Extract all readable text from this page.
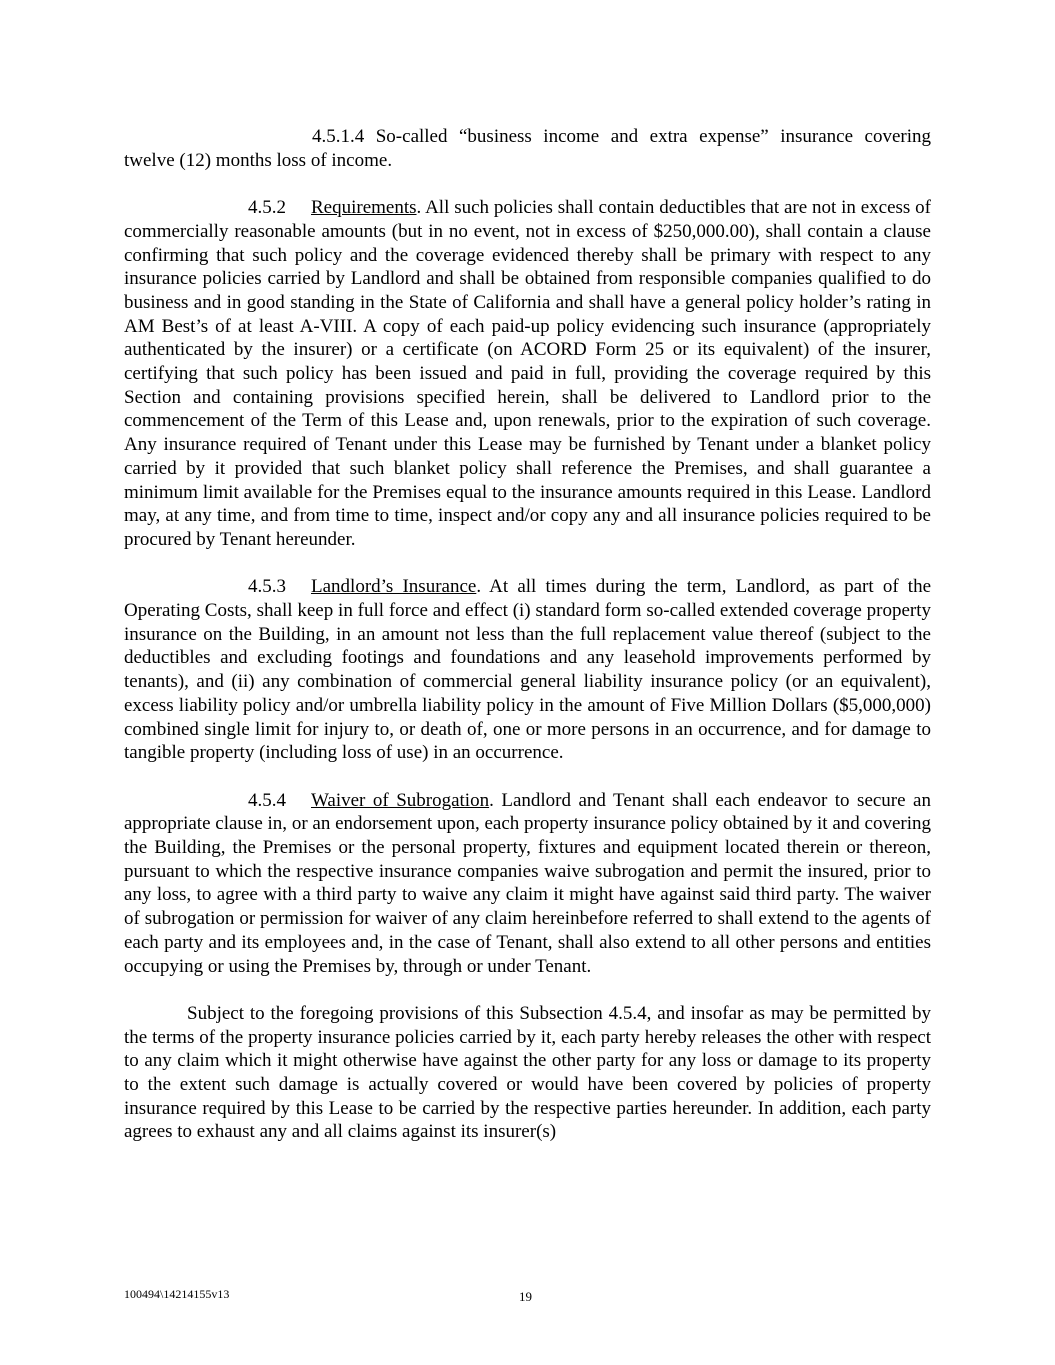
4.5.1.4 So-called “business income and extra expense” insurance covering twelve (12) months loss of income.

4.5.2 Requirements. All such policies shall contain deductibles that are not in excess of commercially reasonable amounts (but in no event, not in excess of $250,000.00), shall contain a clause confirming that such policy and the coverage evidenced thereby shall be primary with respect to any insurance policies carried by Landlord and shall be obtained from responsible companies qualified to do business and in good standing in the State of California and shall have a general policy holder’s rating in AM Best’s of at least A-VIII. A copy of each paid-up policy evidencing such insurance (appropriately authenticated by the insurer) or a certificate (on ACORD Form 25 or its equivalent) of the insurer, certifying that such policy has been issued and paid in full, providing the coverage required by this Section and containing provisions specified herein, shall be delivered to Landlord prior to the commencement of the Term of this Lease and, upon renewals, prior to the expiration of such coverage. Any insurance required of Tenant under this Lease may be furnished by Tenant under a blanket policy carried by it provided that such blanket policy shall reference the Premises, and shall guarantee a minimum limit available for the Premises equal to the insurance amounts required in this Lease. Landlord may, at any time, and from time to time, inspect and/or copy any and all insurance policies required to be procured by Tenant hereunder.

4.5.3 Landlord’s Insurance. At all times during the term, Landlord, as part of the Operating Costs, shall keep in full force and effect (i) standard form so-called extended coverage property insurance on the Building, in an amount not less than the full replacement value thereof (subject to the deductibles and excluding footings and foundations and any leasehold improvements performed by tenants), and (ii) any combination of commercial general liability insurance policy (or an equivalent), excess liability policy and/or umbrella liability policy in the amount of Five Million Dollars ($5,000,000) combined single limit for injury to, or death of, one or more persons in an occurrence, and for damage to tangible property (including loss of use) in an occurrence.

4.5.4 Waiver of Subrogation. Landlord and Tenant shall each endeavor to secure an appropriate clause in, or an endorsement upon, each property insurance policy obtained by it and covering the Building, the Premises or the personal property, fixtures and equipment located therein or thereon, pursuant to which the respective insurance companies waive subrogation and permit the insured, prior to any loss, to agree with a third party to waive any claim it might have against said third party. The waiver of subrogation or permission for waiver of any claim hereinbefore referred to shall extend to the agents of each party and its employees and, in the case of Tenant, shall also extend to all other persons and entities occupying or using the Premises by, through or under Tenant.

Subject to the foregoing provisions of this Subsection 4.5.4, and insofar as may be permitted by the terms of the property insurance policies carried by it, each party hereby releases the other with respect to any claim which it might otherwise have against the other party for any loss or damage to its property to the extent such damage is actually covered or would have been covered by policies of property insurance required by this Lease to be carried by the respective parties hereunder. In addition, each party agrees to exhaust any and all claims against its insurer(s)

100494\14214155v13	19
